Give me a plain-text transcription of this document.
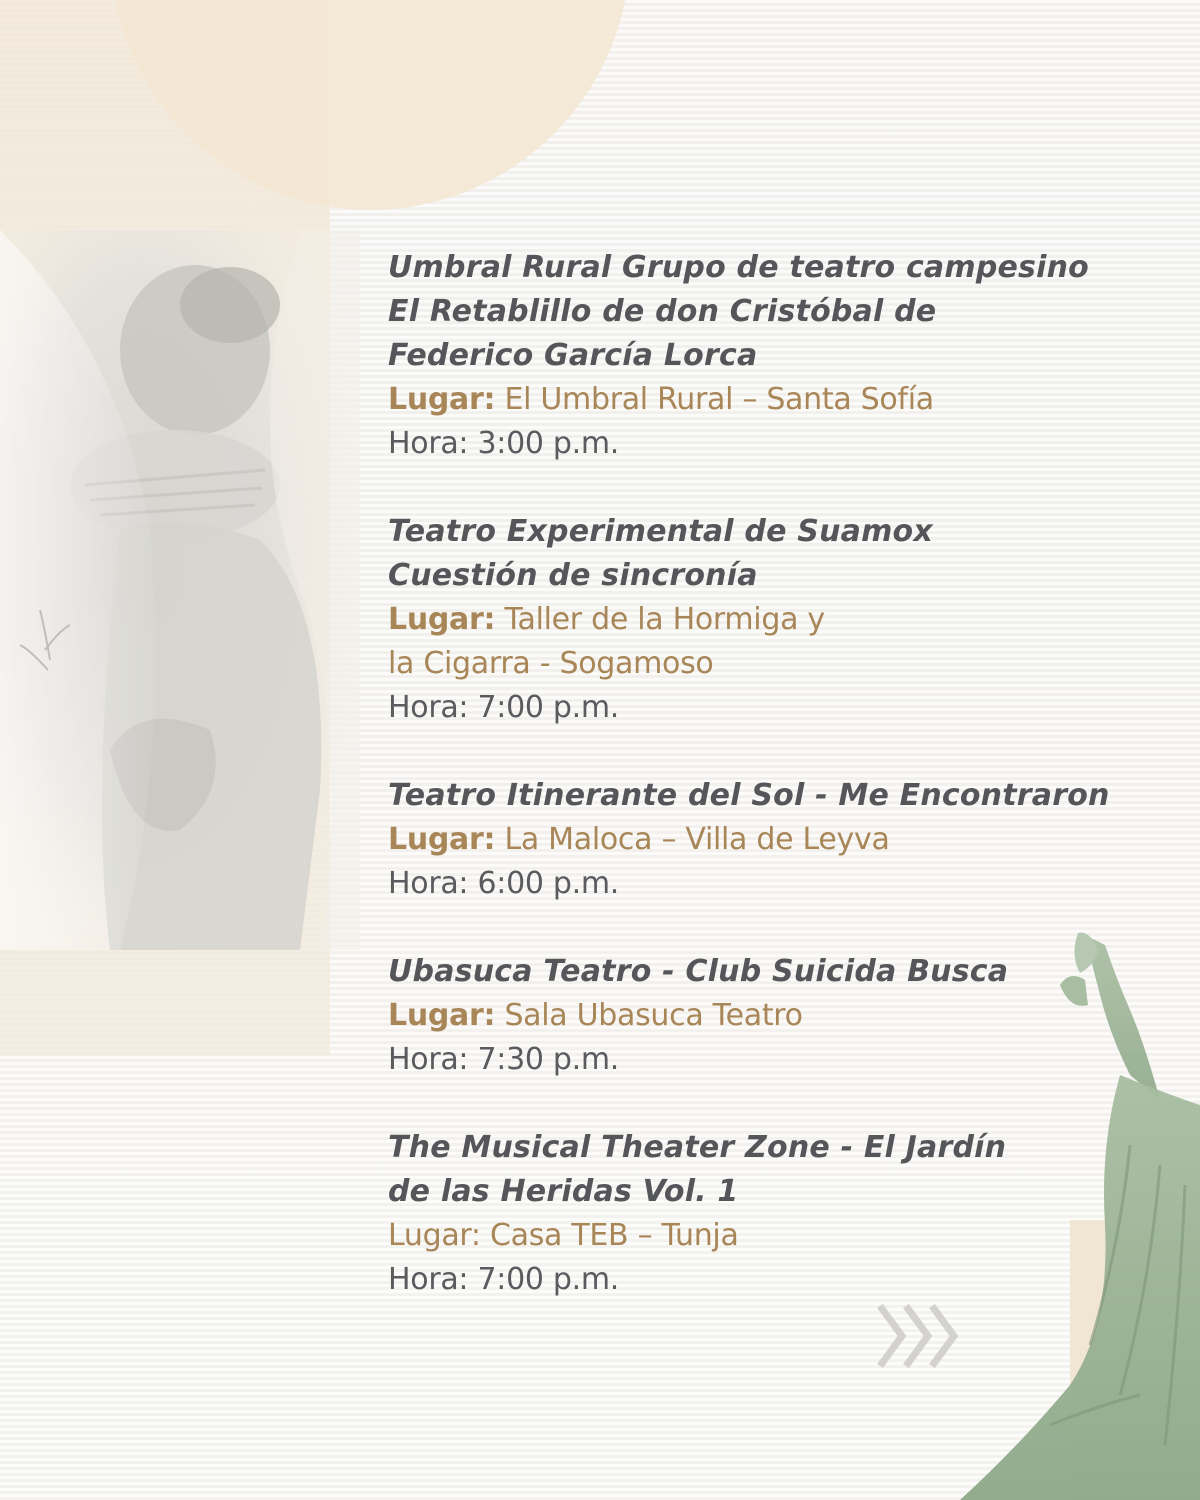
Umbral Rural Grupo de teatro campesino

El Retablillo de don Cristóbal de

Federico García Lorca

Lugar: El Umbral Rural – Santa Sofía

Hora: 3:00 p.m.

Teatro Experimental de Suamox

Cuestión de sincronía

Lugar: Taller de la Hormiga y

la Cigarra - Sogamoso

Hora: 7:00 p.m.

Teatro Itinerante del Sol - Me Encontraron

Lugar: La Maloca – Villa de Leyva

Hora: 6:00 p.m.

Ubasuca Teatro - Club Suicida Busca

Lugar: Sala Ubasuca Teatro

Hora: 7:30 p.m.

The Musical Theater Zone - El Jardín

de las Heridas Vol. 1

Lugar: Casa TEB – Tunja

Hora: 7:00 p.m.
